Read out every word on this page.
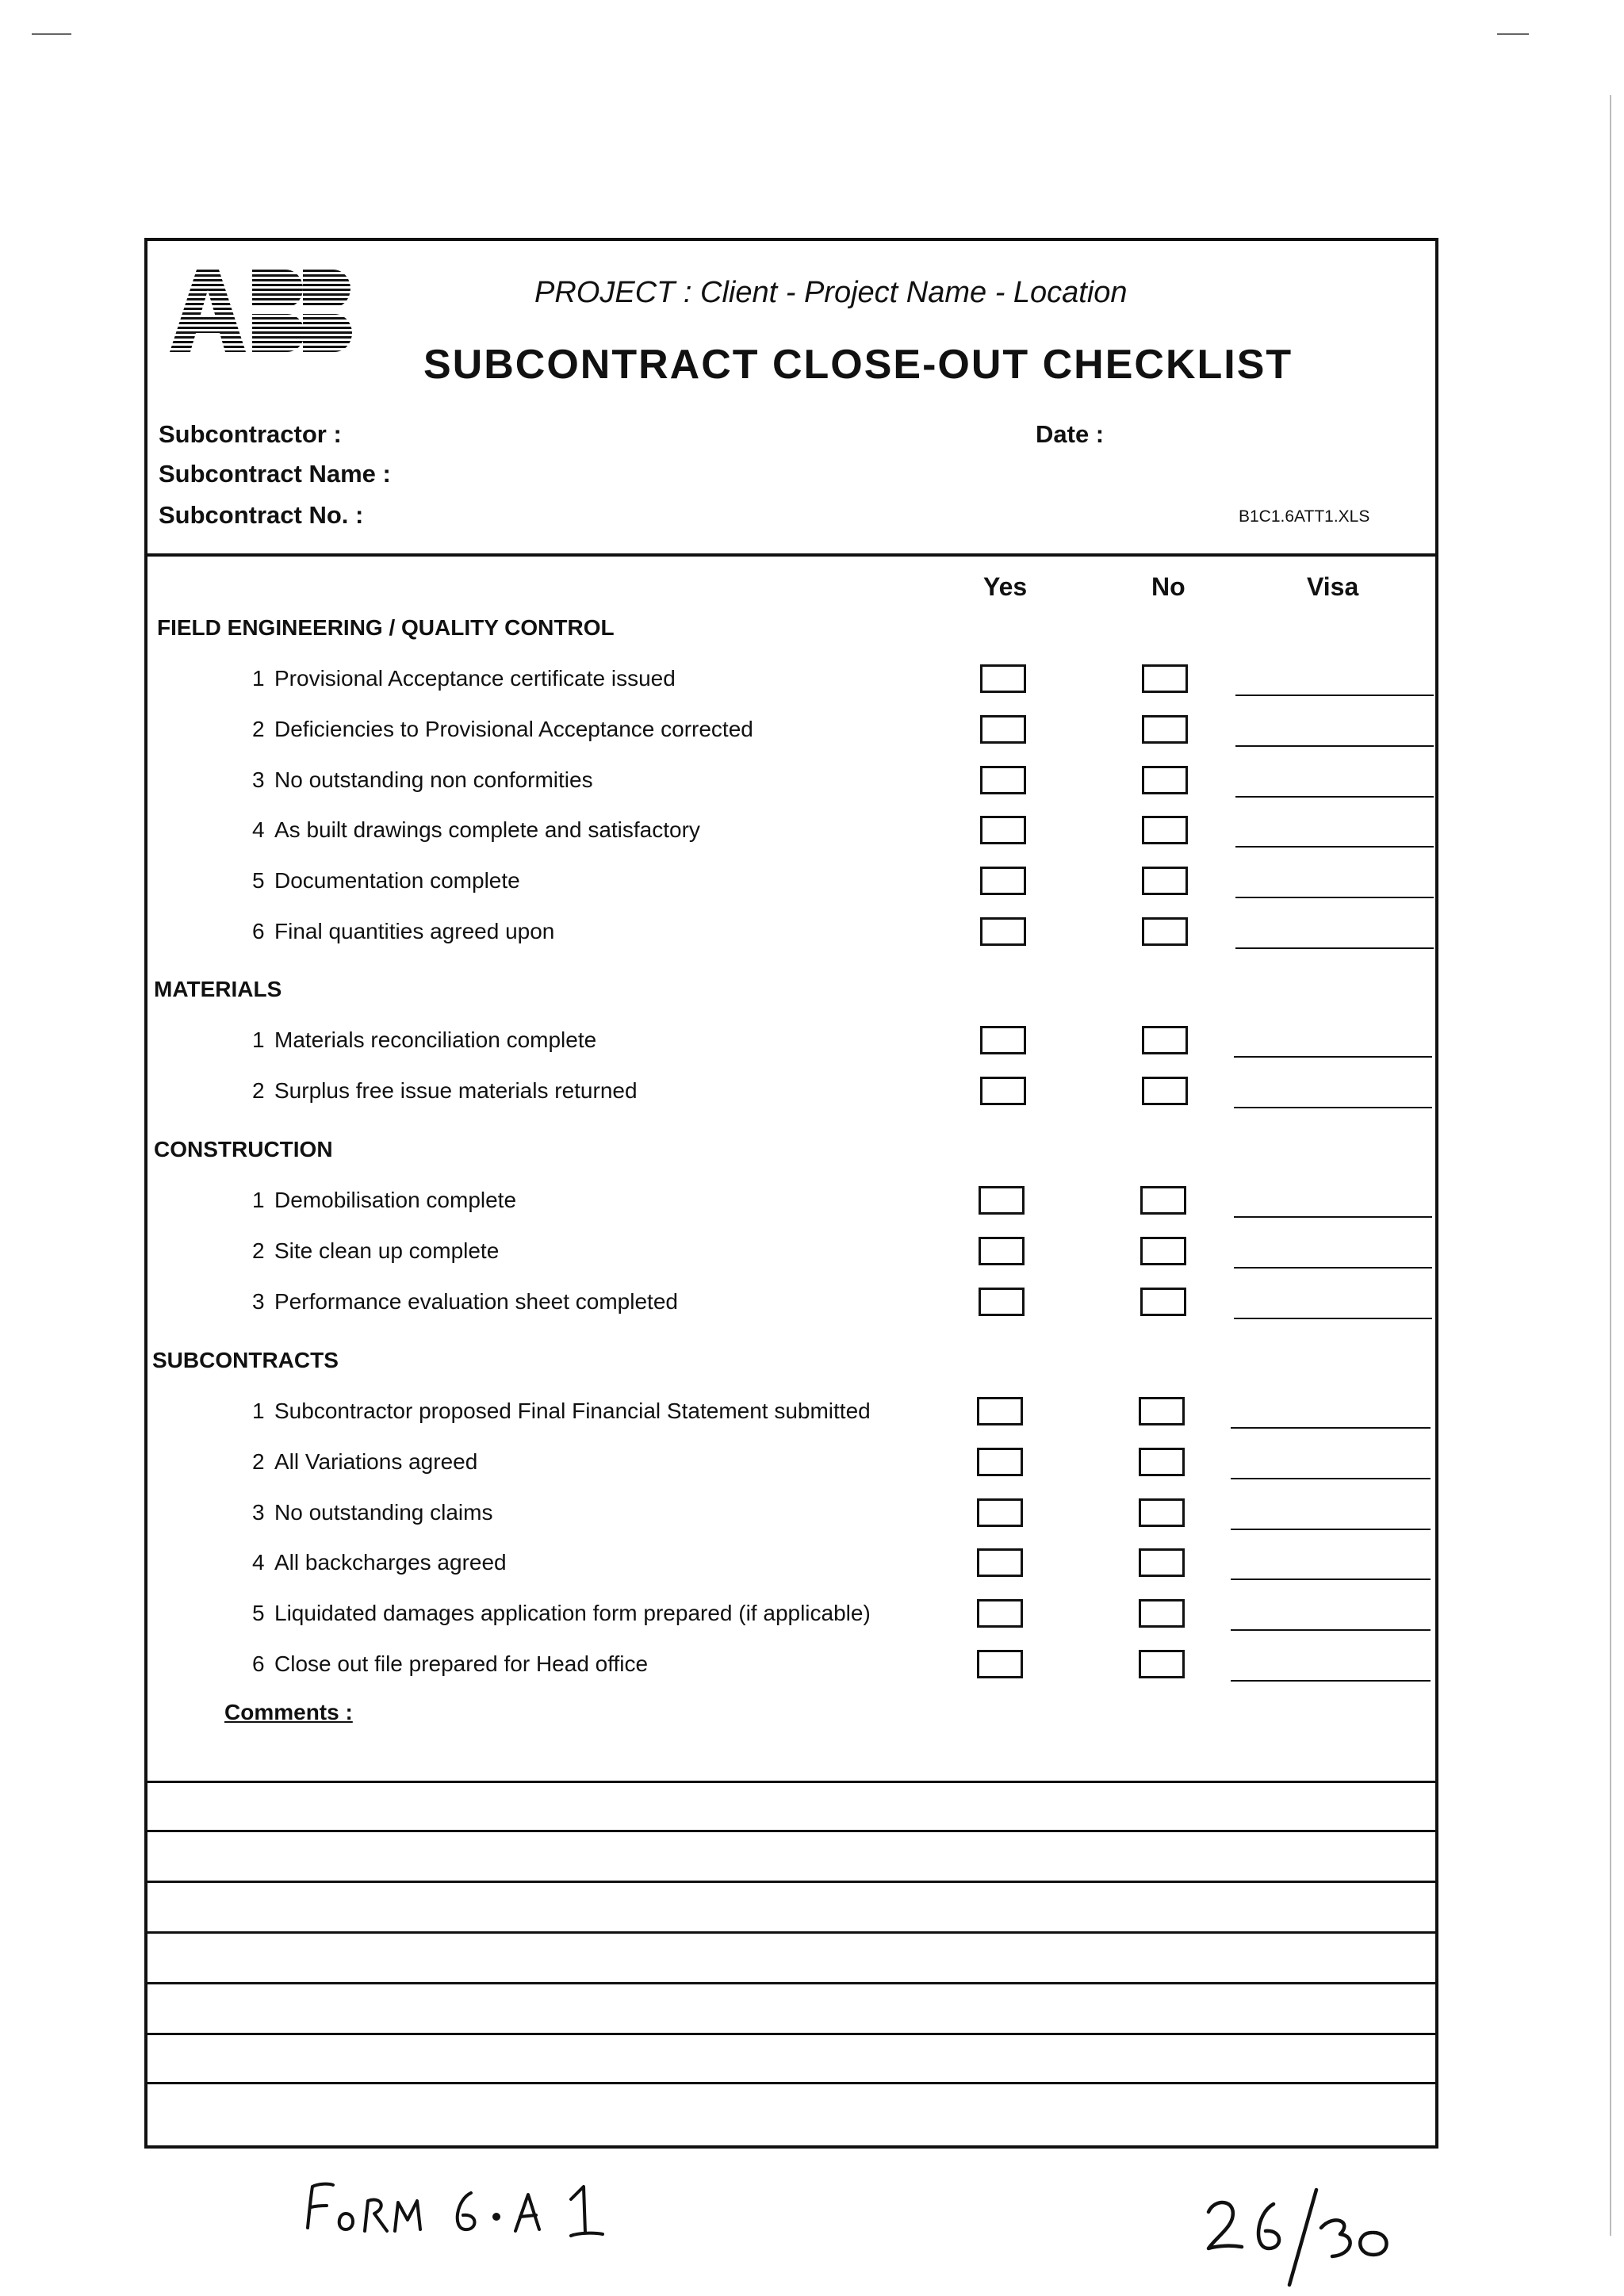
PROJECT : Client - Project Name - Location
SUBCONTRACT CLOSE-OUT CHECKLIST
Subcontractor :	Date :
Subcontract Name :
Subcontract No. :	B1C1.6ATT1.XLS
Yes	No	Visa
FIELD ENGINEERING / QUALITY CONTROL
1 Provisional Acceptance certificate issued
2 Deficiencies to Provisional Acceptance corrected
3 No outstanding non conformities
4 As built drawings complete and satisfactory
5 Documentation complete
6 Final quantities agreed upon
MATERIALS
1 Materials reconciliation complete
2 Surplus free issue materials returned
CONSTRUCTION
1 Demobilisation complete
2 Site clean up complete
3 Performance evaluation sheet completed
SUBCONTRACTS
1 Subcontractor proposed Final Financial Statement submitted
2 All Variations agreed
3 No outstanding claims
4 All backcharges agreed
5 Liquidated damages application form prepared (if applicable)
6 Close out file prepared for Head office
Comments :
